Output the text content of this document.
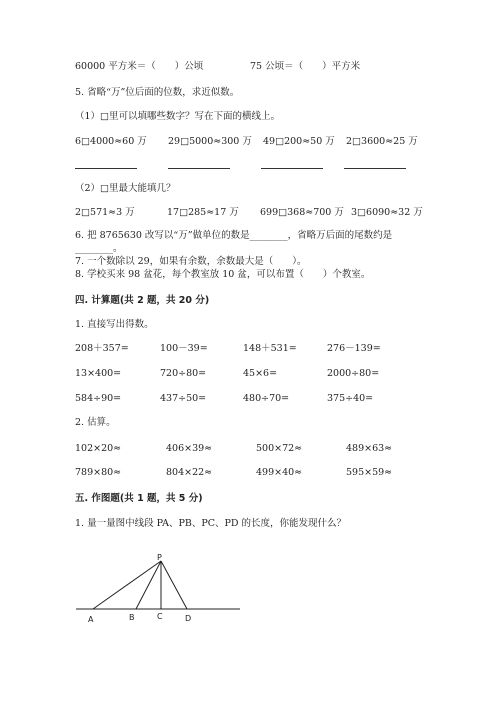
60000 平方米＝（　　）公顷	75 公顷＝（　　）平方米
5. 省略“万”位后面的位数，求近似数。
（1）□里可以填哪些数字？写在下面的横线上。
6□4000≈60 万 29□5000≈300 万 49□200≈50 万 2□3600≈25 万
（2）□里最大能填几？
2□571≈3 万	17□285≈17 万 699□368≈700 万 3□6090≈32 万
6. 把 8765630 改写以“万”做单位的数是________，省略万后面的尾数约是
________。
7. 一个数除以 29，如果有余数，余数最大是（　　）。
8. 学校买来 98 盆花，每个教室放 10 盆，可以布置（　　）个教室。
四. 计算题(共 2 题，共 20 分)
1. 直接写出得数。
208＋357=	100－39=	148＋531=	276－139=
13×400=	720÷80=	45×6=	2000÷80=
584÷90=	437÷50=	480÷70=	375÷40=
2. 估算。
102×20≈	406×39≈	500×72≈	489×63≈
789×80≈	804×22≈	499×40≈	595×59≈
五. 作图题(共 1 题，共 5 分)
1. 量一量图中线段 PA、PB、PC、PD 的长度，你能发现什么？
P
A	B	C	D
